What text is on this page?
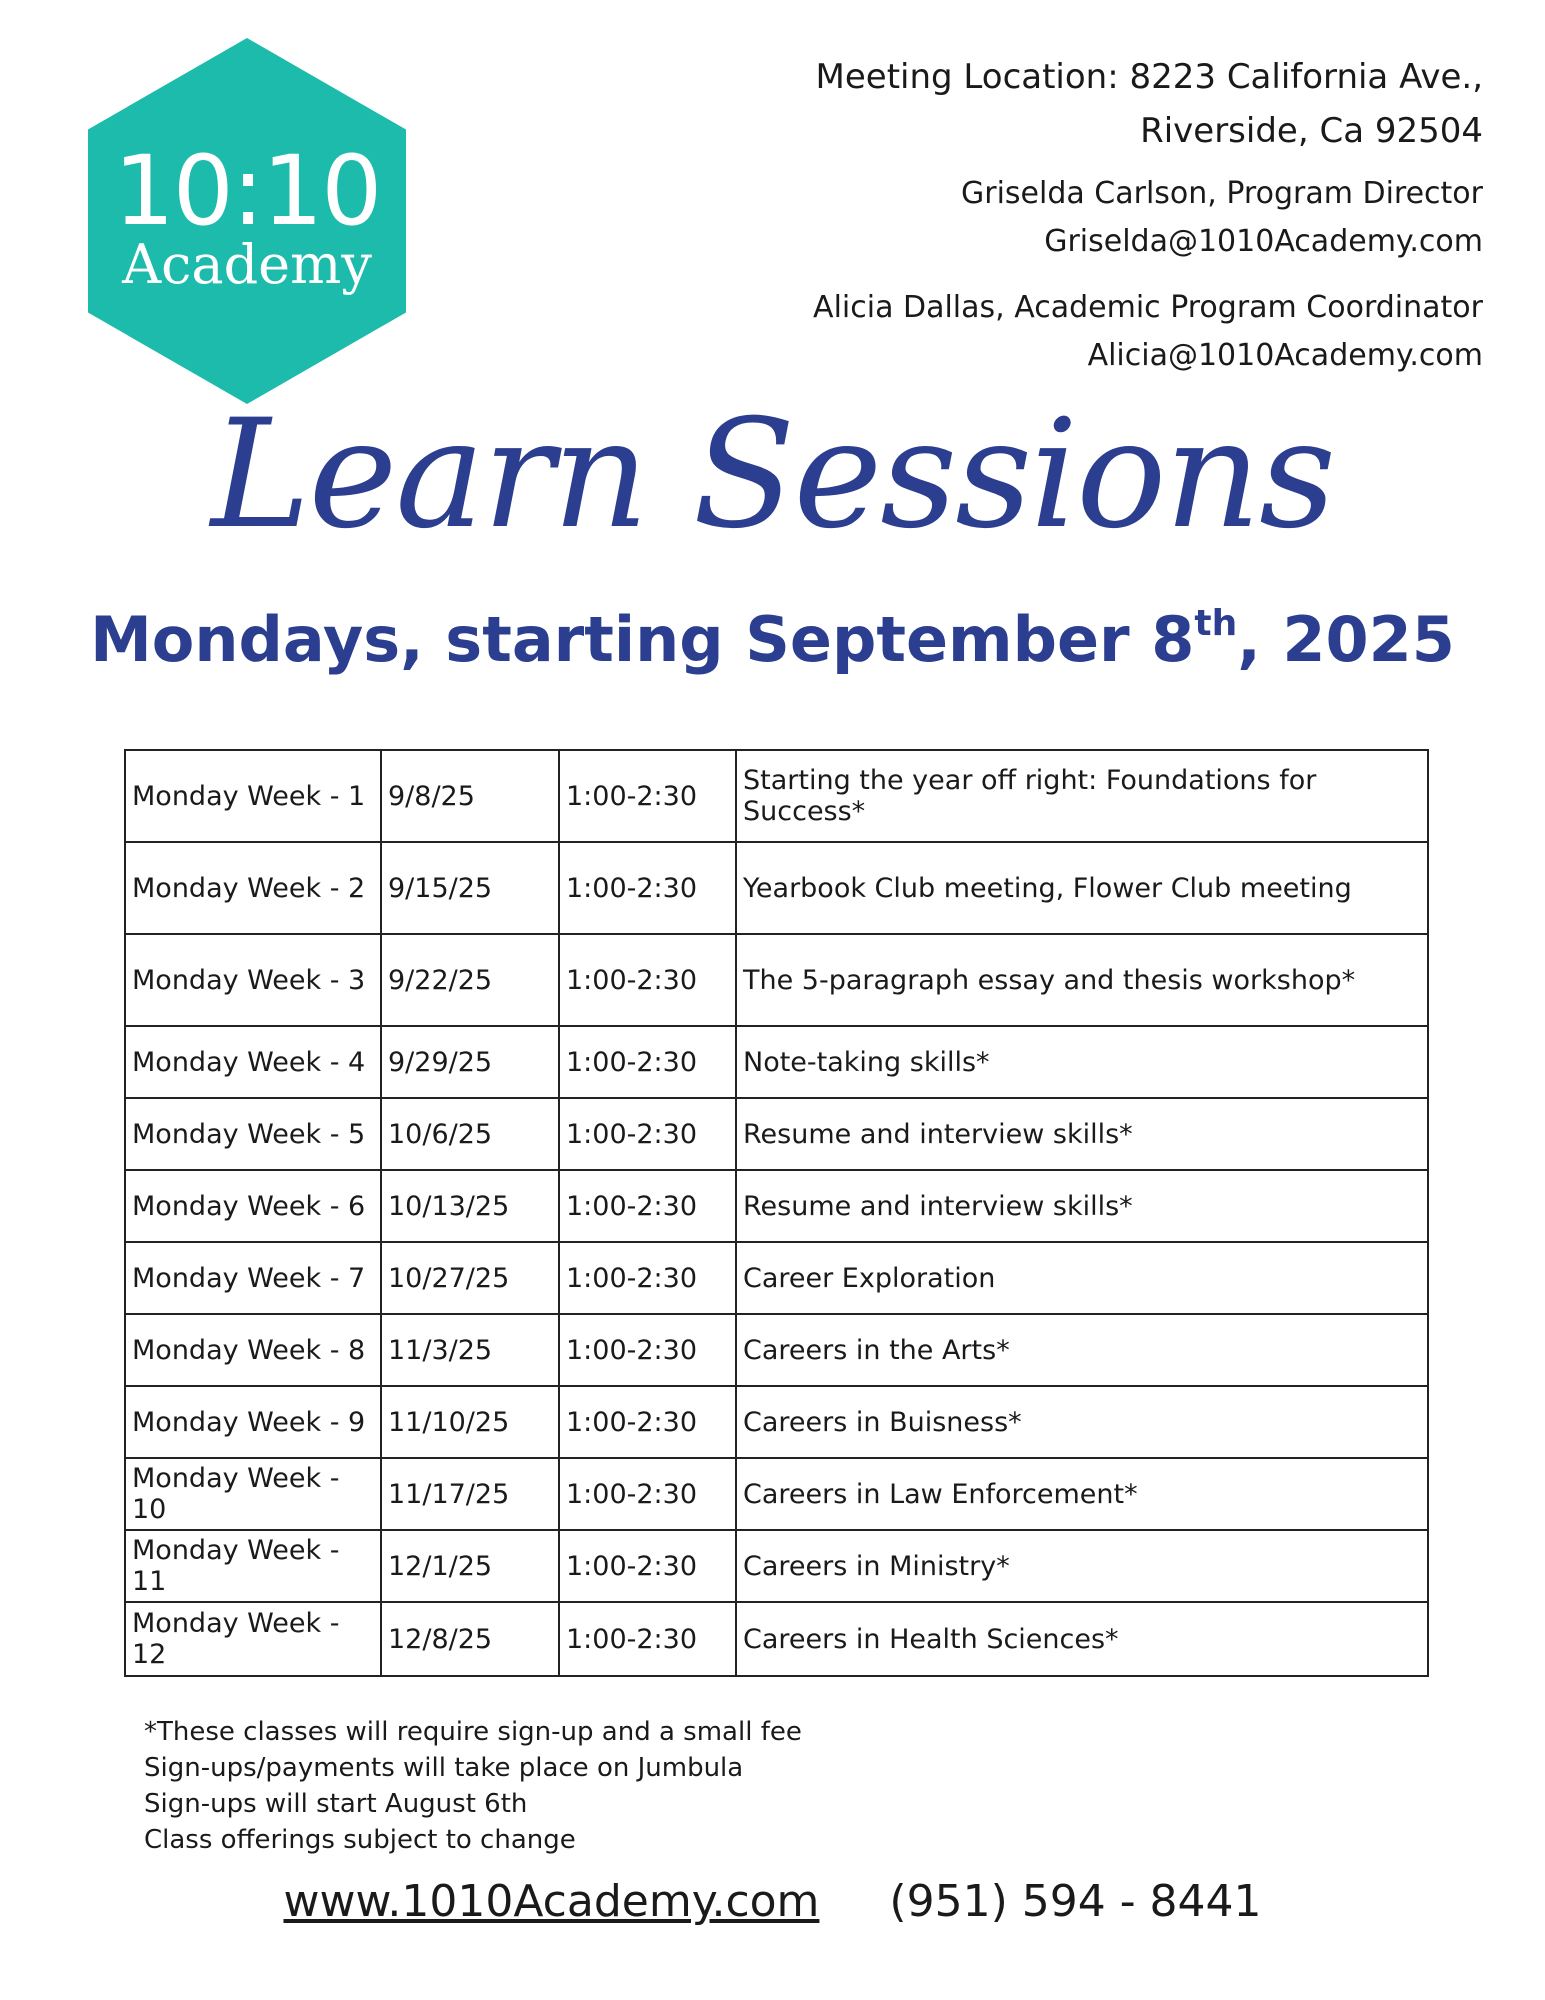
10:10
Academy
Meeting Location: 8223 California Ave.,
Riverside, Ca 92504
Griselda Carlson, Program Director
Griselda@1010Academy.com
Alicia Dallas, Academic Program Coordinator
Alicia@1010Academy.com
Learn Sessions
Mondays, starting September 8th, 2025
Monday Week - 1	9/8/25	1:00-2:30	Starting the year off right: Foundations for Success*
Monday Week - 2	9/15/25	1:00-2:30	Yearbook Club meeting, Flower Club meeting
Monday Week - 3	9/22/25	1:00-2:30	The 5-paragraph essay and thesis workshop*
Monday Week - 4	9/29/25	1:00-2:30	Note-taking skills*
Monday Week - 5	10/6/25	1:00-2:30	Resume and interview skills*
Monday Week - 6	10/13/25	1:00-2:30	Resume and interview skills*
Monday Week - 7	10/27/25	1:00-2:30	Career Exploration
Monday Week - 8	11/3/25	1:00-2:30	Careers in the Arts*
Monday Week - 9	11/10/25	1:00-2:30	Careers in Buisness*
Monday Week - 10	11/17/25	1:00-2:30	Careers in Law Enforcement*
Monday Week - 11	12/1/25	1:00-2:30	Careers in Ministry*
Monday Week - 12	12/8/25	1:00-2:30	Careers in Health Sciences*
*These classes will require sign-up and a small fee
Sign-ups/payments will take place on Jumbula
Sign-ups will start August 6th
Class offerings subject to change
www.1010Academy.com (951) 594 - 8441
